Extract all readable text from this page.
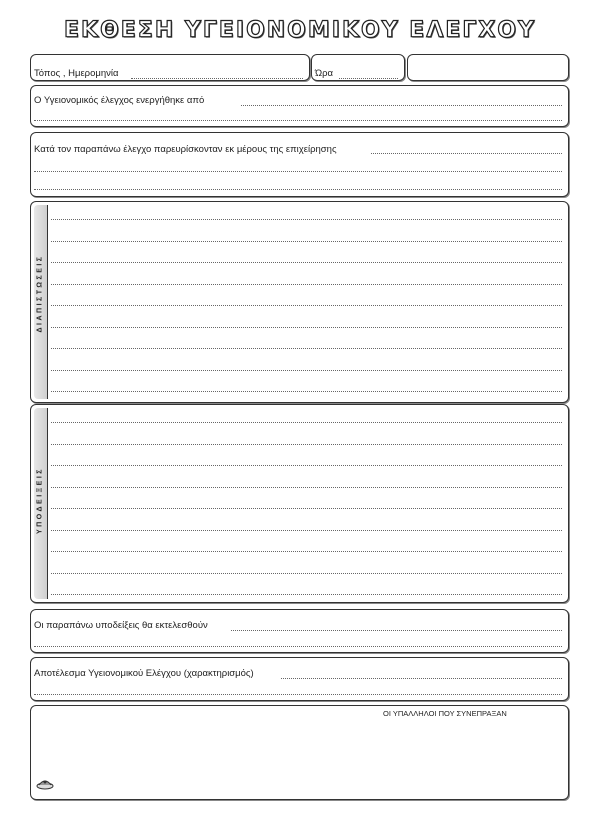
ΕΚΘΕΣΗ ΥΓΕΙΟΝΟΜΙΚΟΥ ΕΛΕΓΧΟΥ
Τόπος , Ημερομηνία	Ώρα
Ο Υγειονομικός έλεγχος ενεργήθηκε από
Κατά τον παραπάνω έλεγχο παρευρίσκονταν εκ μέρους της επιχείρησης
ΔΙΑΠΙΣΤΩΣΕΙΣ
ΥΠΟΔΕΙΞΕΙΣ
Οι παραπάνω υποδείξεις θα εκτελεσθούν
Αποτέλεσμα Υγειονομικού Ελέγχου (χαρακτηρισμός)
ΟΙ ΥΠΑΛΛΗΛΟΙ ΠΟΥ ΣΥΝΕΠΡΑΞΑΝ
